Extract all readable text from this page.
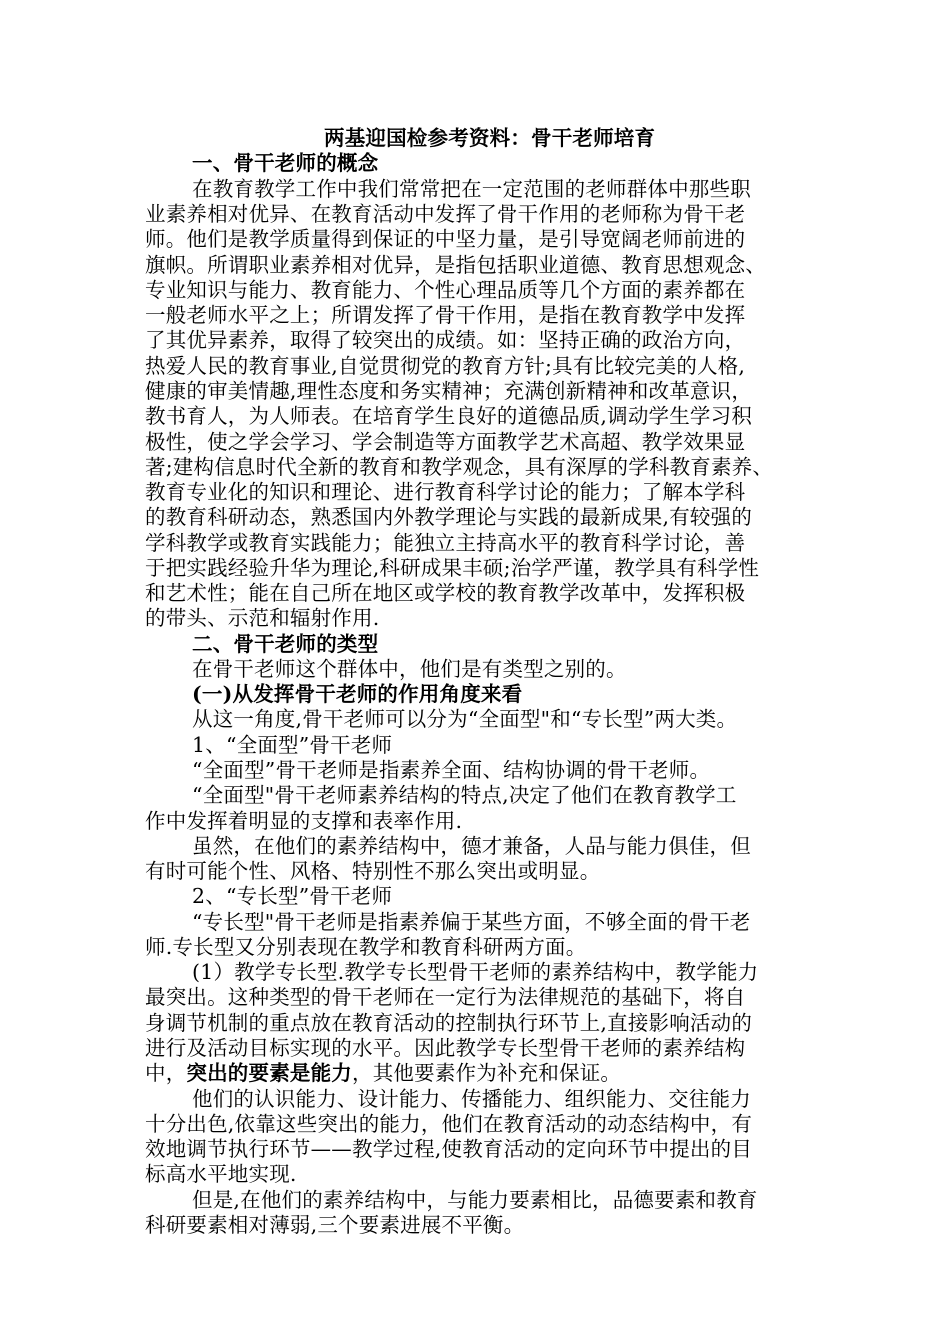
两基迎国检参考资料：骨干老师培育
一、骨干老师的概念
在教育教学工作中我们常常把在一定范围的老师群体中那些职
业素养相对优异、在教育活动中发挥了骨干作用的老师称为骨干老
师。他们是教学质量得到保证的中坚力量，是引导宽阔老师前进的
旗帜。所谓职业素养相对优异，是指包括职业道德、教育思想观念、
专业知识与能力、教育能力、个性心理品质等几个方面的素养都在
一般老师水平之上；所谓发挥了骨干作用，是指在教育教学中发挥
了其优异素养，取得了较突出的成绩。如：坚持正确的政治方向，
热爱人民的教育事业,自觉贯彻党的教育方针;具有比较完美的人格,
健康的审美情趣,理性态度和务实精神；充满创新精神和改革意识，
教书育人，为人师表。在培育学生良好的道德品质,调动学生学习积
极性，使之学会学习、学会制造等方面教学艺术高超、教学效果显
著;建构信息时代全新的教育和教学观念，具有深厚的学科教育素养、
教育专业化的知识和理论、进行教育科学讨论的能力；了解本学科
的教育科研动态，熟悉国内外教学理论与实践的最新成果,有较强的
学科教学或教育实践能力；能独立主持高水平的教育科学讨论，善
于把实践经验升华为理论,科研成果丰硕;治学严谨，教学具有科学性
和艺术性；能在自己所在地区或学校的教育教学改革中，发挥积极
的带头、示范和辐射作用.
二、骨干老师的类型
在骨干老师这个群体中，他们是有类型之别的。
(一)从发挥骨干老师的作用角度来看
从这一角度,骨干老师可以分为“全面型"和“专长型”两大类。
1、“全面型”骨干老师
“全面型”骨干老师是指素养全面、结构协调的骨干老师。
“全面型"骨干老师素养结构的特点,决定了他们在教育教学工
作中发挥着明显的支撑和表率作用.
虽然，在他们的素养结构中，德才兼备，人品与能力俱佳，但
有时可能个性、风格、特别性不那么突出或明显。
2、“专长型”骨干老师
“专长型"骨干老师是指素养偏于某些方面，不够全面的骨干老
师.专长型又分别表现在教学和教育科研两方面。
(1）教学专长型.教学专长型骨干老师的素养结构中，教学能力
最突出。这种类型的骨干老师在一定行为法律规范的基础下，将自
身调节机制的重点放在教育活动的控制执行环节上,直接影响活动的
进行及活动目标实现的水平。因此教学专长型骨干老师的素养结构
中，突出的要素是能力，其他要素作为补充和保证。
他们的认识能力、设计能力、传播能力、组织能力、交往能力
十分出色,依靠这些突出的能力，他们在教育活动的动态结构中，有
效地调节执行环节——教学过程,使教育活动的定向环节中提出的目
标高水平地实现.
但是,在他们的素养结构中，与能力要素相比，品德要素和教育
科研要素相对薄弱,三个要素进展不平衡。
